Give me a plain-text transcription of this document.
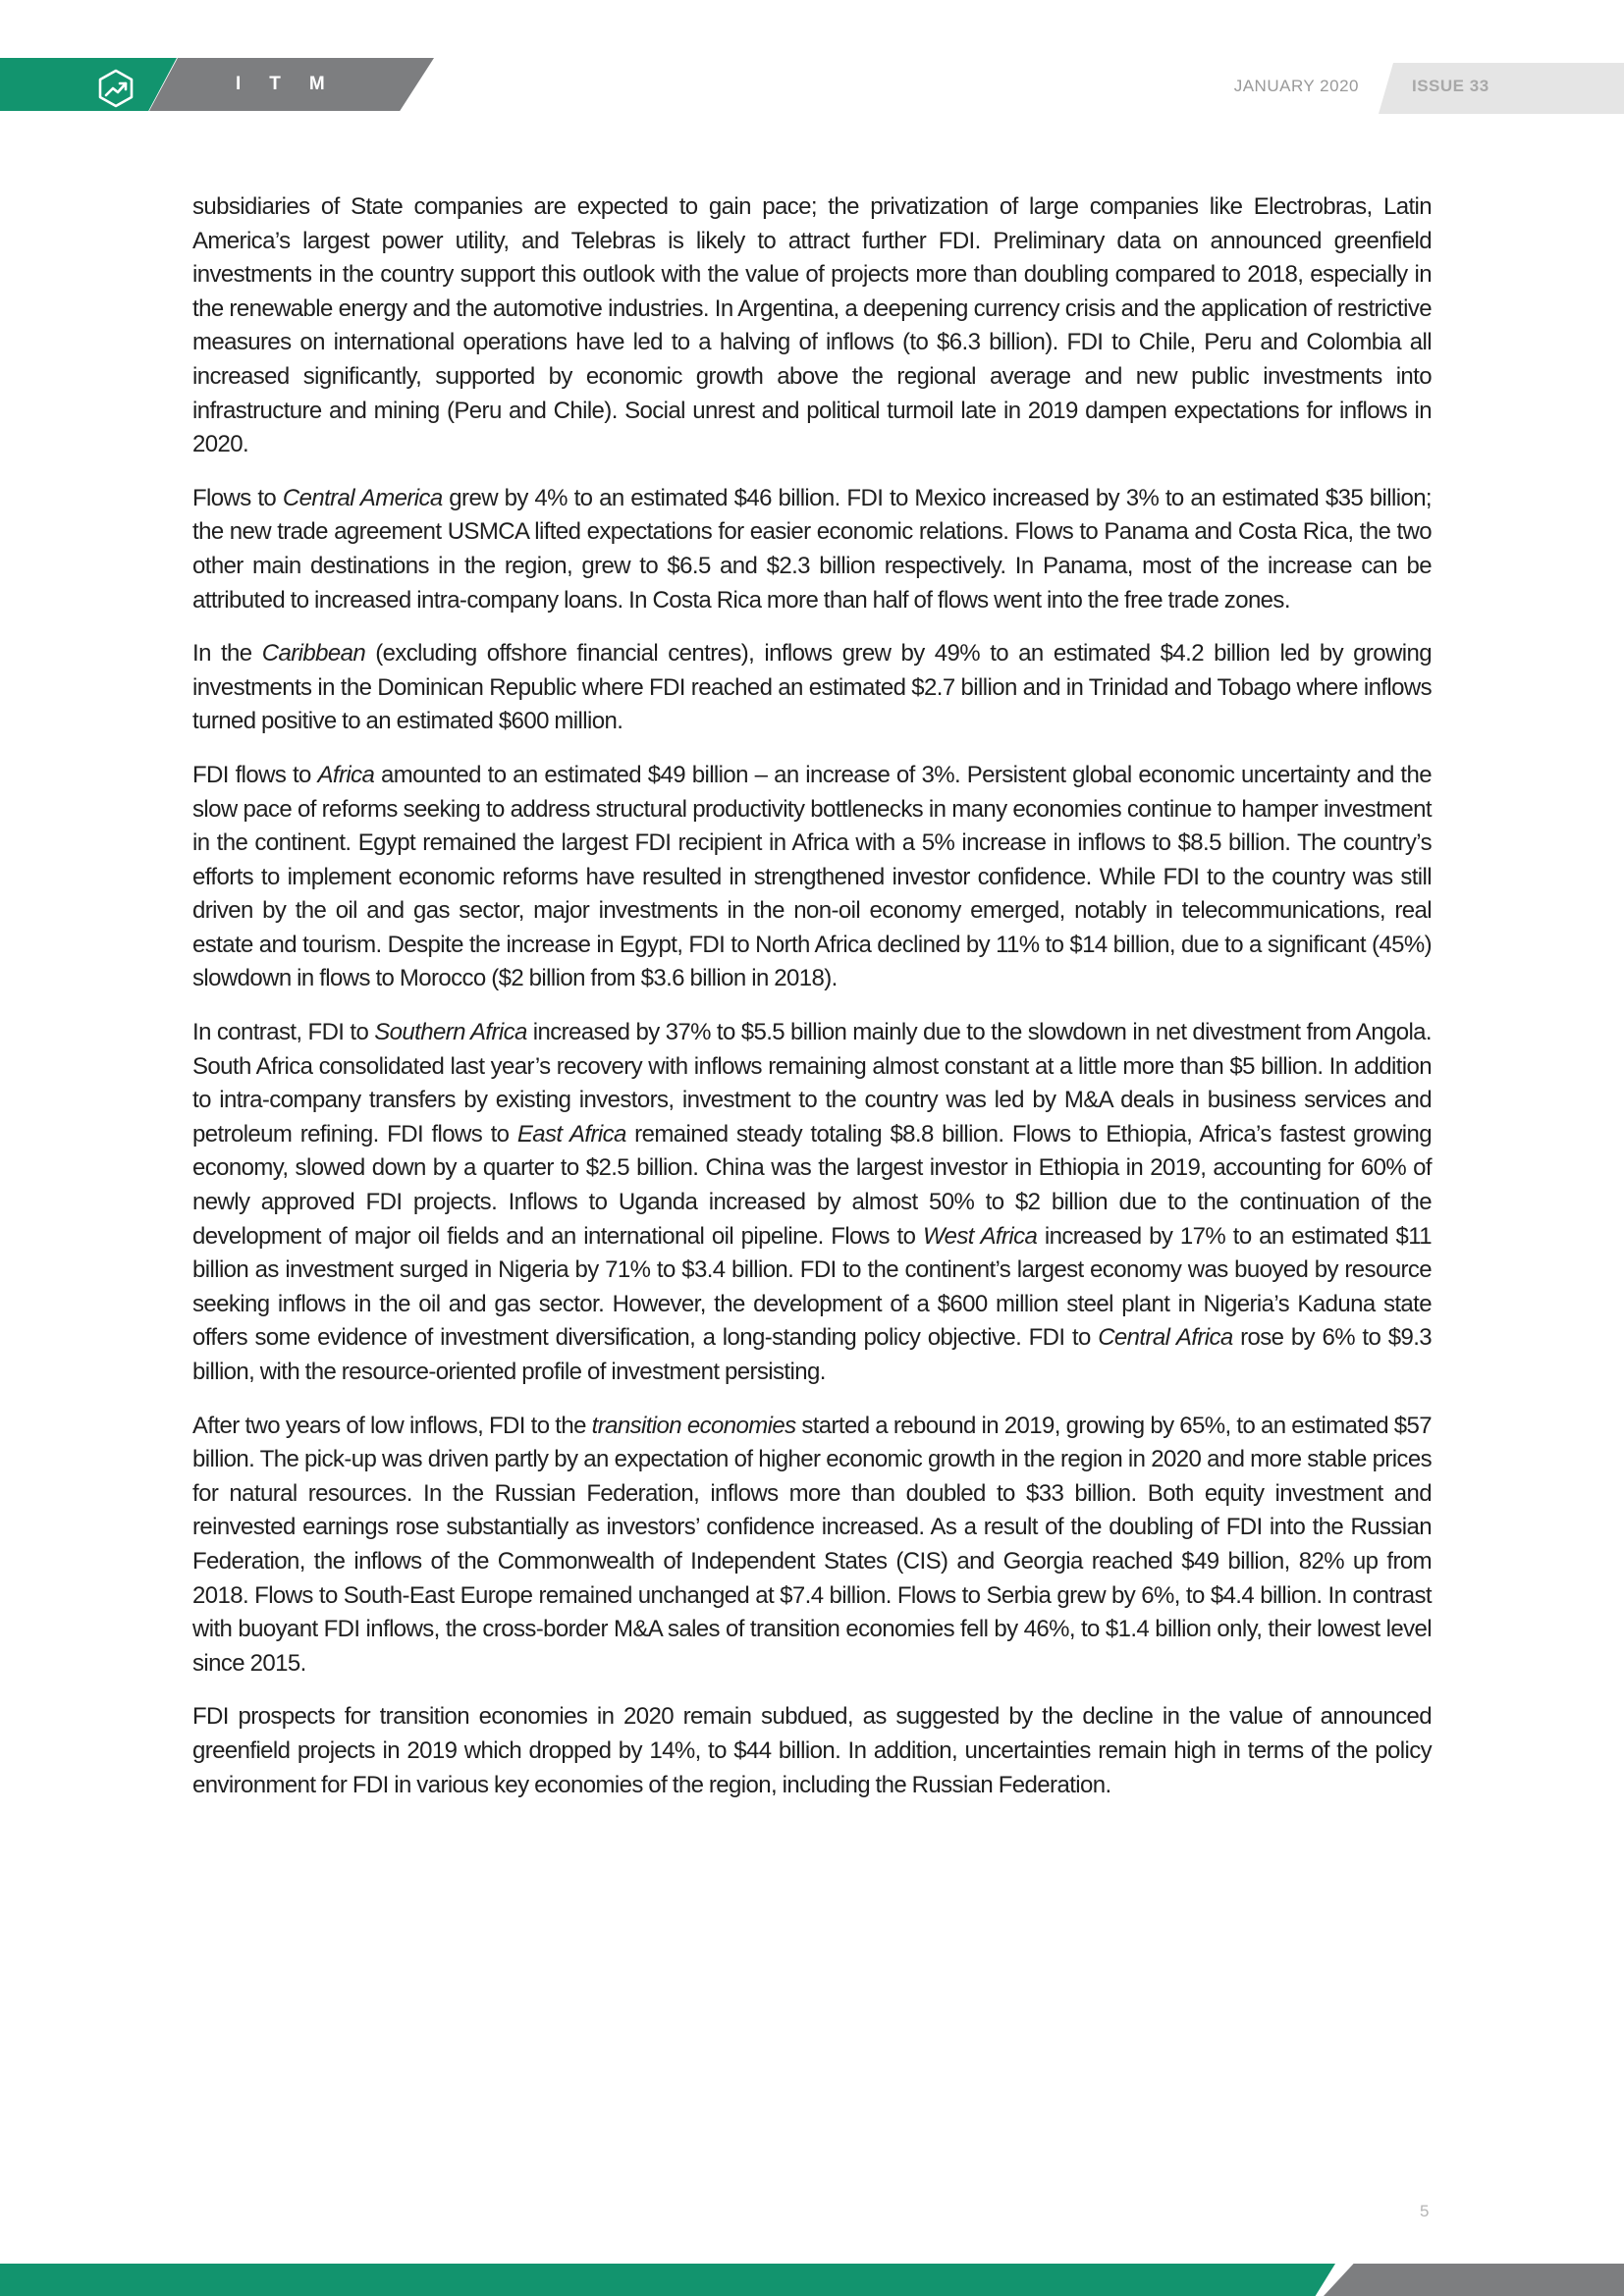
ITM	JANUARY 2020	ISSUE 33

subsidiaries of State companies are expected to gain pace; the privatization of large companies like Electrobras, Latin America’s largest power utility, and Telebras is likely to attract further FDI. Preliminary data on announced greenfield investments in the country support this outlook with the value of projects more than doubling compared to 2018, especially in the renewable energy and the automotive industries. In Argentina, a deepening currency crisis and the application of restrictive measures on international operations have led to a halving of inflows (to $6.3 billion). FDI to Chile, Peru and Colombia all increased significantly, supported by economic growth above the regional average and new public investments into infrastructure and mining (Peru and Chile). Social unrest and political turmoil late in 2019 dampen expectations for inflows in 2020.

Flows to Central America grew by 4% to an estimated $46 billion. FDI to Mexico increased by 3% to an estimated $35 billion; the new trade agreement USMCA lifted expectations for easier economic relations. Flows to Panama and Costa Rica, the two other main destinations in the region, grew to $6.5 and $2.3 billion respectively. In Panama, most of the increase can be attributed to increased intra-company loans. In Costa Rica more than half of flows went into the free trade zones.

In the Caribbean (excluding offshore financial centres), inflows grew by 49% to an estimated $4.2 billion led by growing investments in the Dominican Republic where FDI reached an estimated $2.7 billion and in Trinidad and Tobago where inflows turned positive to an estimated $600 million.

FDI flows to Africa amounted to an estimated $49 billion – an increase of 3%. Persistent global economic uncertainty and the slow pace of reforms seeking to address structural productivity bottlenecks in many economies continue to hamper investment in the continent. Egypt remained the largest FDI recipient in Africa with a 5% increase in inflows to $8.5 billion. The country’s efforts to implement economic reforms have resulted in strengthened investor confidence. While FDI to the country was still driven by the oil and gas sector, major investments in the non-oil economy emerged, notably in telecommunications, real estate and tourism. Despite the increase in Egypt, FDI to North Africa declined by 11% to $14 billion, due to a significant (45%) slowdown in flows to Morocco ($2 billion from $3.6 billion in 2018).

In contrast, FDI to Southern Africa increased by 37% to $5.5 billion mainly due to the slowdown in net divestment from Angola. South Africa consolidated last year’s recovery with inflows remaining almost constant at a little more than $5 billion. In addition to intra-company transfers by existing investors, investment to the country was led by M&A deals in business services and petroleum refining. FDI flows to East Africa remained steady totaling $8.8 billion. Flows to Ethiopia, Africa’s fastest growing economy, slowed down by a quarter to $2.5 billion. China was the largest investor in Ethiopia in 2019, accounting for 60% of newly approved FDI projects. Inflows to Uganda increased by almost 50% to $2 billion due to the continuation of the development of major oil fields and an international oil pipeline. Flows to West Africa increased by 17% to an estimated $11 billion as investment surged in Nigeria by 71% to $3.4 billion. FDI to the continent’s largest economy was buoyed by resource seeking inflows in the oil and gas sector. However, the development of a $600 million steel plant in Nigeria’s Kaduna state offers some evidence of investment diversification, a long-standing policy objective. FDI to Central Africa rose by 6% to $9.3 billion, with the resource-oriented profile of investment persisting.

After two years of low inflows, FDI to the transition economies started a rebound in 2019, growing by 65%, to an estimated $57 billion. The pick-up was driven partly by an expectation of higher economic growth in the region in 2020 and more stable prices for natural resources. In the Russian Federation, inflows more than doubled to $33 billion. Both equity investment and reinvested earnings rose substantially as investors’ confidence increased. As a result of the doubling of FDI into the Russian Federation, the inflows of the Commonwealth of Independent States (CIS) and Georgia reached $49 billion, 82% up from 2018. Flows to South-East Europe remained unchanged at $7.4 billion. Flows to Serbia grew by 6%, to $4.4 billion. In contrast with buoyant FDI inflows, the cross-border M&A sales of transition economies fell by 46%, to $1.4 billion only, their lowest level since 2015.

FDI prospects for transition economies in 2020 remain subdued, as suggested by the decline in the value of announced greenfield projects in 2019 which dropped by 14%, to $44 billion. In addition, uncertainties remain high in terms of the policy environment for FDI in various key economies of the region, including the Russian Federation.

5
